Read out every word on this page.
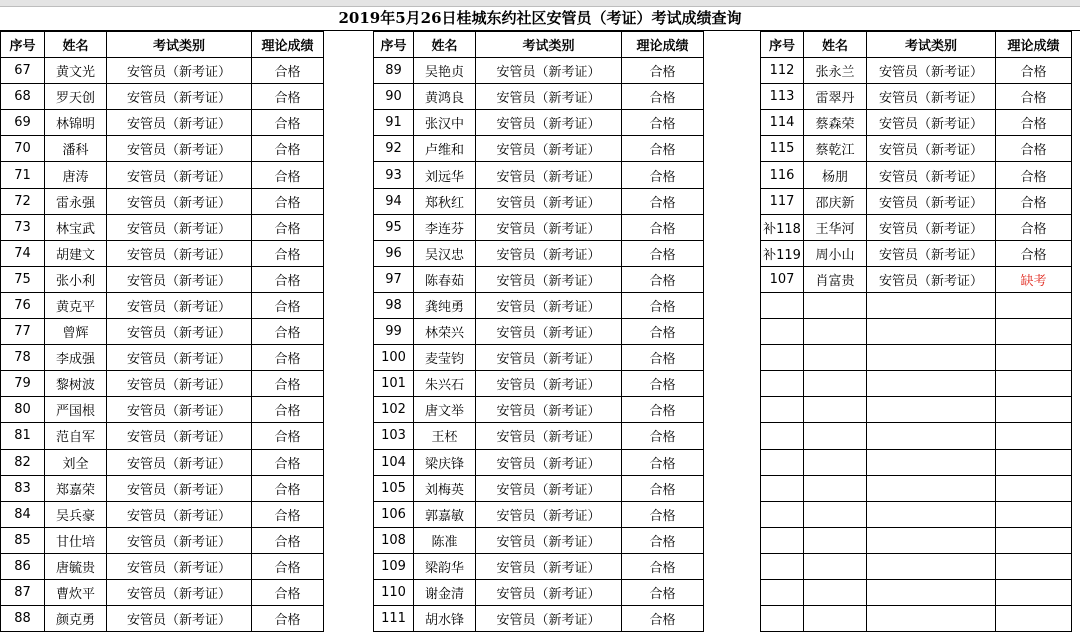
2019年5月26日桂城东约社区安管员（考证）考试成绩查询
序号	姓名	考试类别	理论成绩
67	黄文光	安管员（新考证）	合格
68	罗天创	安管员（新考证）	合格
69	林锦明	安管员（新考证）	合格
70	潘科	安管员（新考证）	合格
71	唐涛	安管员（新考证）	合格
72	雷永强	安管员（新考证）	合格
73	林宝武	安管员（新考证）	合格
74	胡建文	安管员（新考证）	合格
75	张小利	安管员（新考证）	合格
76	黄克平	安管员（新考证）	合格
77	曾辉	安管员（新考证）	合格
78	李成强	安管员（新考证）	合格
79	黎树波	安管员（新考证）	合格
80	严国根	安管员（新考证）	合格
81	范自军	安管员（新考证）	合格
82	刘全	安管员（新考证）	合格
83	郑嘉荣	安管员（新考证）	合格
84	吴兵豪	安管员（新考证）	合格
85	甘仕培	安管员（新考证）	合格
86	唐毓贵	安管员（新考证）	合格
87	曹炊平	安管员（新考证）	合格
88	颜克勇	安管员（新考证）	合格
序号	姓名	考试类别	理论成绩
89	吴艳贞	安管员（新考证）	合格
90	黄鸿良	安管员（新考证）	合格
91	张汉中	安管员（新考证）	合格
92	卢维和	安管员（新考证）	合格
93	刘远华	安管员（新考证）	合格
94	郑秋红	安管员（新考证）	合格
95	李连芬	安管员（新考证）	合格
96	吴汉忠	安管员（新考证）	合格
97	陈春茹	安管员（新考证）	合格
98	龚纯勇	安管员（新考证）	合格
99	林荣兴	安管员（新考证）	合格
100	麦莹钧	安管员（新考证）	合格
101	朱兴石	安管员（新考证）	合格
102	唐文举	安管员（新考证）	合格
103	王柸	安管员（新考证）	合格
104	梁庆锋	安管员（新考证）	合格
105	刘梅英	安管员（新考证）	合格
106	郭嘉敏	安管员（新考证）	合格
108	陈准	安管员（新考证）	合格
109	梁韵华	安管员（新考证）	合格
110	谢金清	安管员（新考证）	合格
111	胡水锋	安管员（新考证）	合格
序号	姓名	考试类别	理论成绩
112	张永兰	安管员（新考证）	合格
113	雷翠丹	安管员（新考证）	合格
114	蔡森荣	安管员（新考证）	合格
115	蔡乾江	安管员（新考证）	合格
116	杨朋	安管员（新考证）	合格
117	邵庆新	安管员（新考证）	合格
补118	王华河	安管员（新考证）	合格
补119	周小山	安管员（新考证）	合格
107	肖富贵	安管员（新考证）	缺考
